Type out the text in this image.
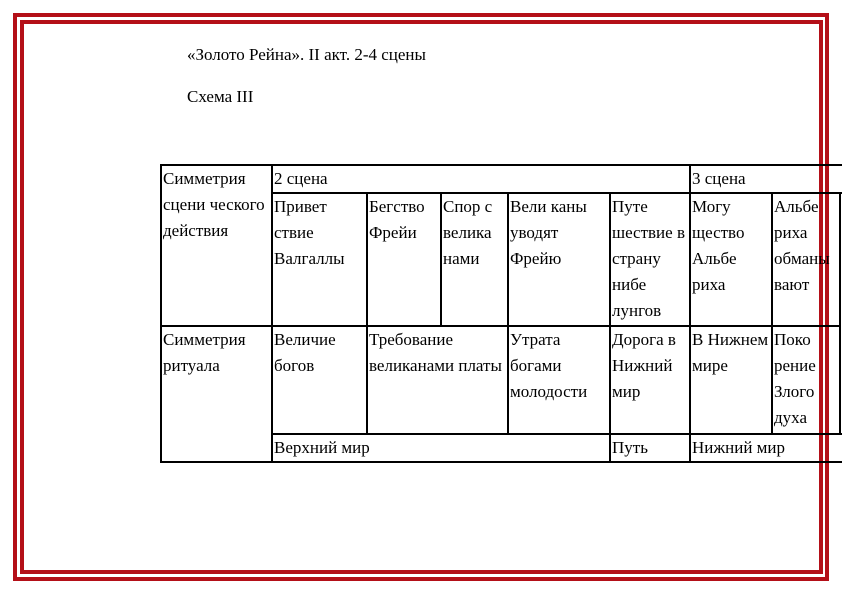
«Золото Рейна». II акт. 2-4 сцены
Схема III
Симметрия сцени ческого действия	2 сцена					3 сцена	
	Привет ствие Валгаллы	Бегство Фрейи	Спор с велика нами	Вели каны уводят Фрейю	Путе шествие в страну нибе лунгов	Могу щество Альбе риха	Альбе риха обманы вают
Симметрия ритуала	Величие богов	Требование великанами платы		Утрата богами молодости	Дорога в Нижний мир	В Нижнем мире	Поко рение Злого духа
	Верхний мир				Путь	Нижний мир	
